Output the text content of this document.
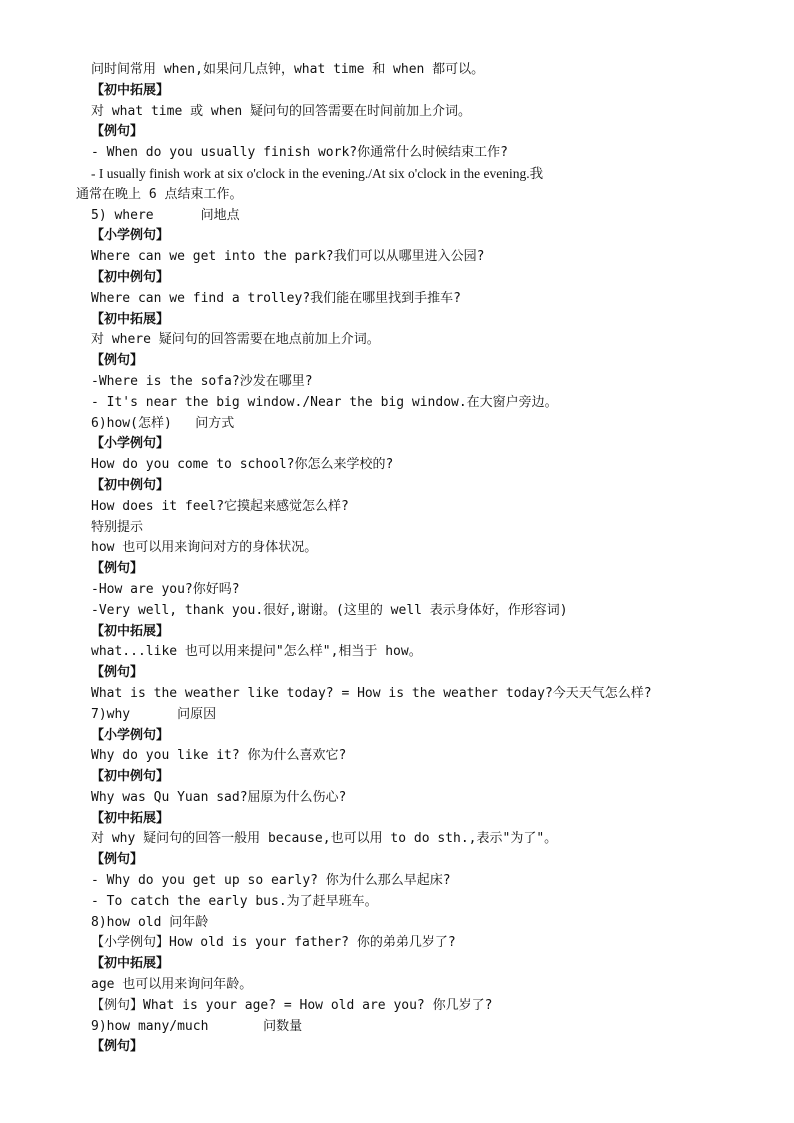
问时间常用 when,如果问几点钟，what time 和 when 都可以。

【初中拓展】

对 what time 或 when 疑问句的回答需要在时间前加上介词。

【例句】

- When do you usually finish work?你通常什么时候结束工作?

- I usually finish work at six o'clock in the evening./At six o'clock in the evening.我

通常在晚上 6 点结束工作。

5) where      问地点

【小学例句】

Where can we get into the park?我们可以从哪里进入公园?

【初中例句】

Where can we find a trolley?我们能在哪里找到手推车?

【初中拓展】

对 where 疑问句的回答需要在地点前加上介词。

【例句】

-Where is the sofa?沙发在哪里?

- It's near the big window./Near the big window.在大窗户旁边。

6)how(怎样)   问方式

【小学例句】

How do you come to school?你怎么来学校的?

【初中例句】

How does it feel?它摸起来感觉怎么样?

特别提示

how 也可以用来询问对方的身体状况。

【例句】

-How are you?你好吗?

-Very well, thank you.很好,谢谢。(这里的 well 表示身体好，作形容词)

【初中拓展】

what...like 也可以用来提问"怎么样",相当于 how。

【例句】

What is the weather like today? = How is the weather today?今天天气怎么样?

7)why      问原因

【小学例句】

Why do you like it? 你为什么喜欢它?

【初中例句】

Why was Qu Yuan sad?屈原为什么伤心?

【初中拓展】

对 why 疑问句的回答一般用 because,也可以用 to do sth.,表示"为了"。

【例句】

- Why do you get up so early? 你为什么那么早起床?

- To catch the early bus.为了赶早班车。

8)how old 问年龄

【小学例句】How old is your father? 你的弟弟几岁了?

【初中拓展】

age 也可以用来询问年龄。

【例句】What is your age? = How old are you? 你几岁了?

9)how many/much       问数量

【例句】
